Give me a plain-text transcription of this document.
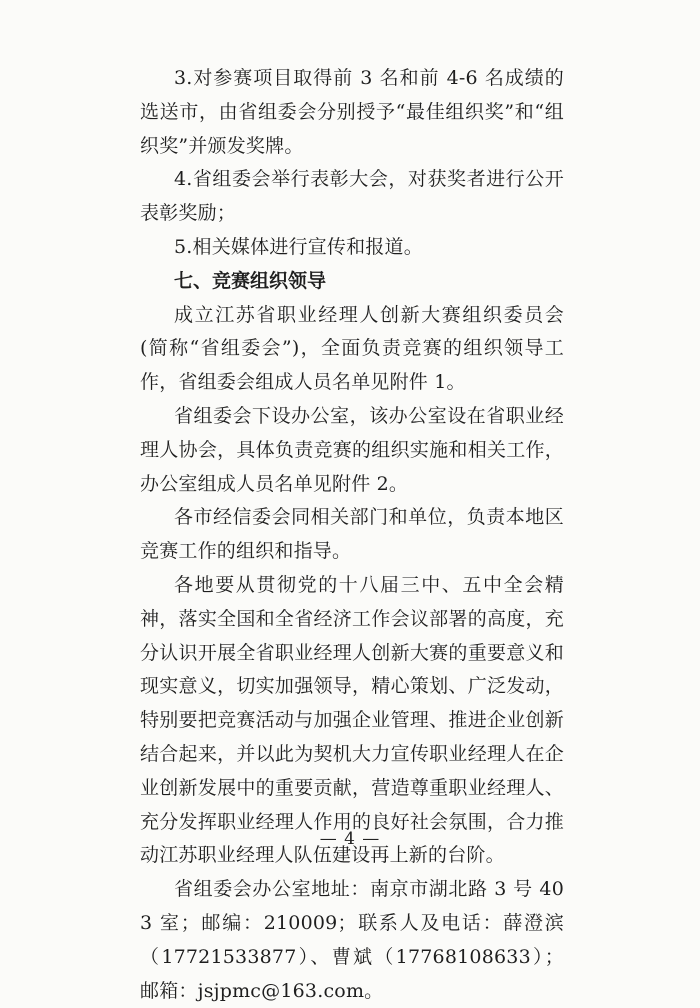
3.对参赛项目取得前 3 名和前 4-6 名成绩的选送市，由省组委会分别授予“最佳组织奖”和“组织奖”并颁发奖牌。

4.省组委会举行表彰大会，对获奖者进行公开表彰奖励；

5.相关媒体进行宣传和报道。

七、竞赛组织领导

成立江苏省职业经理人创新大赛组织委员会(简称“省组委会”)，全面负责竞赛的组织领导工作，省组委会组成人员名单见附件 1。

省组委会下设办公室，该办公室设在省职业经理人协会，具体负责竞赛的组织实施和相关工作，办公室组成人员名单见附件 2。

各市经信委会同相关部门和单位，负责本地区竞赛工作的组织和指导。

各地要从贯彻党的十八届三中、五中全会精神，落实全国和全省经济工作会议部署的高度，充分认识开展全省职业经理人创新大赛的重要意义和现实意义，切实加强领导，精心策划、广泛发动，特别要把竞赛活动与加强企业管理、推进企业创新结合起来，并以此为契机大力宣传职业经理人在企业创新发展中的重要贡献，营造尊重职业经理人、充分发挥职业经理人作用的良好社会氛围，合力推动江苏职业经理人队伍建设再上新的台阶。

省组委会办公室地址：南京市湖北路 3 号 403 室；邮编：210009；联系人及电话：薛澄滨（17721533877）、曹斌（17768108633）；邮箱：jsjpmc@163.com。

— 4 —
